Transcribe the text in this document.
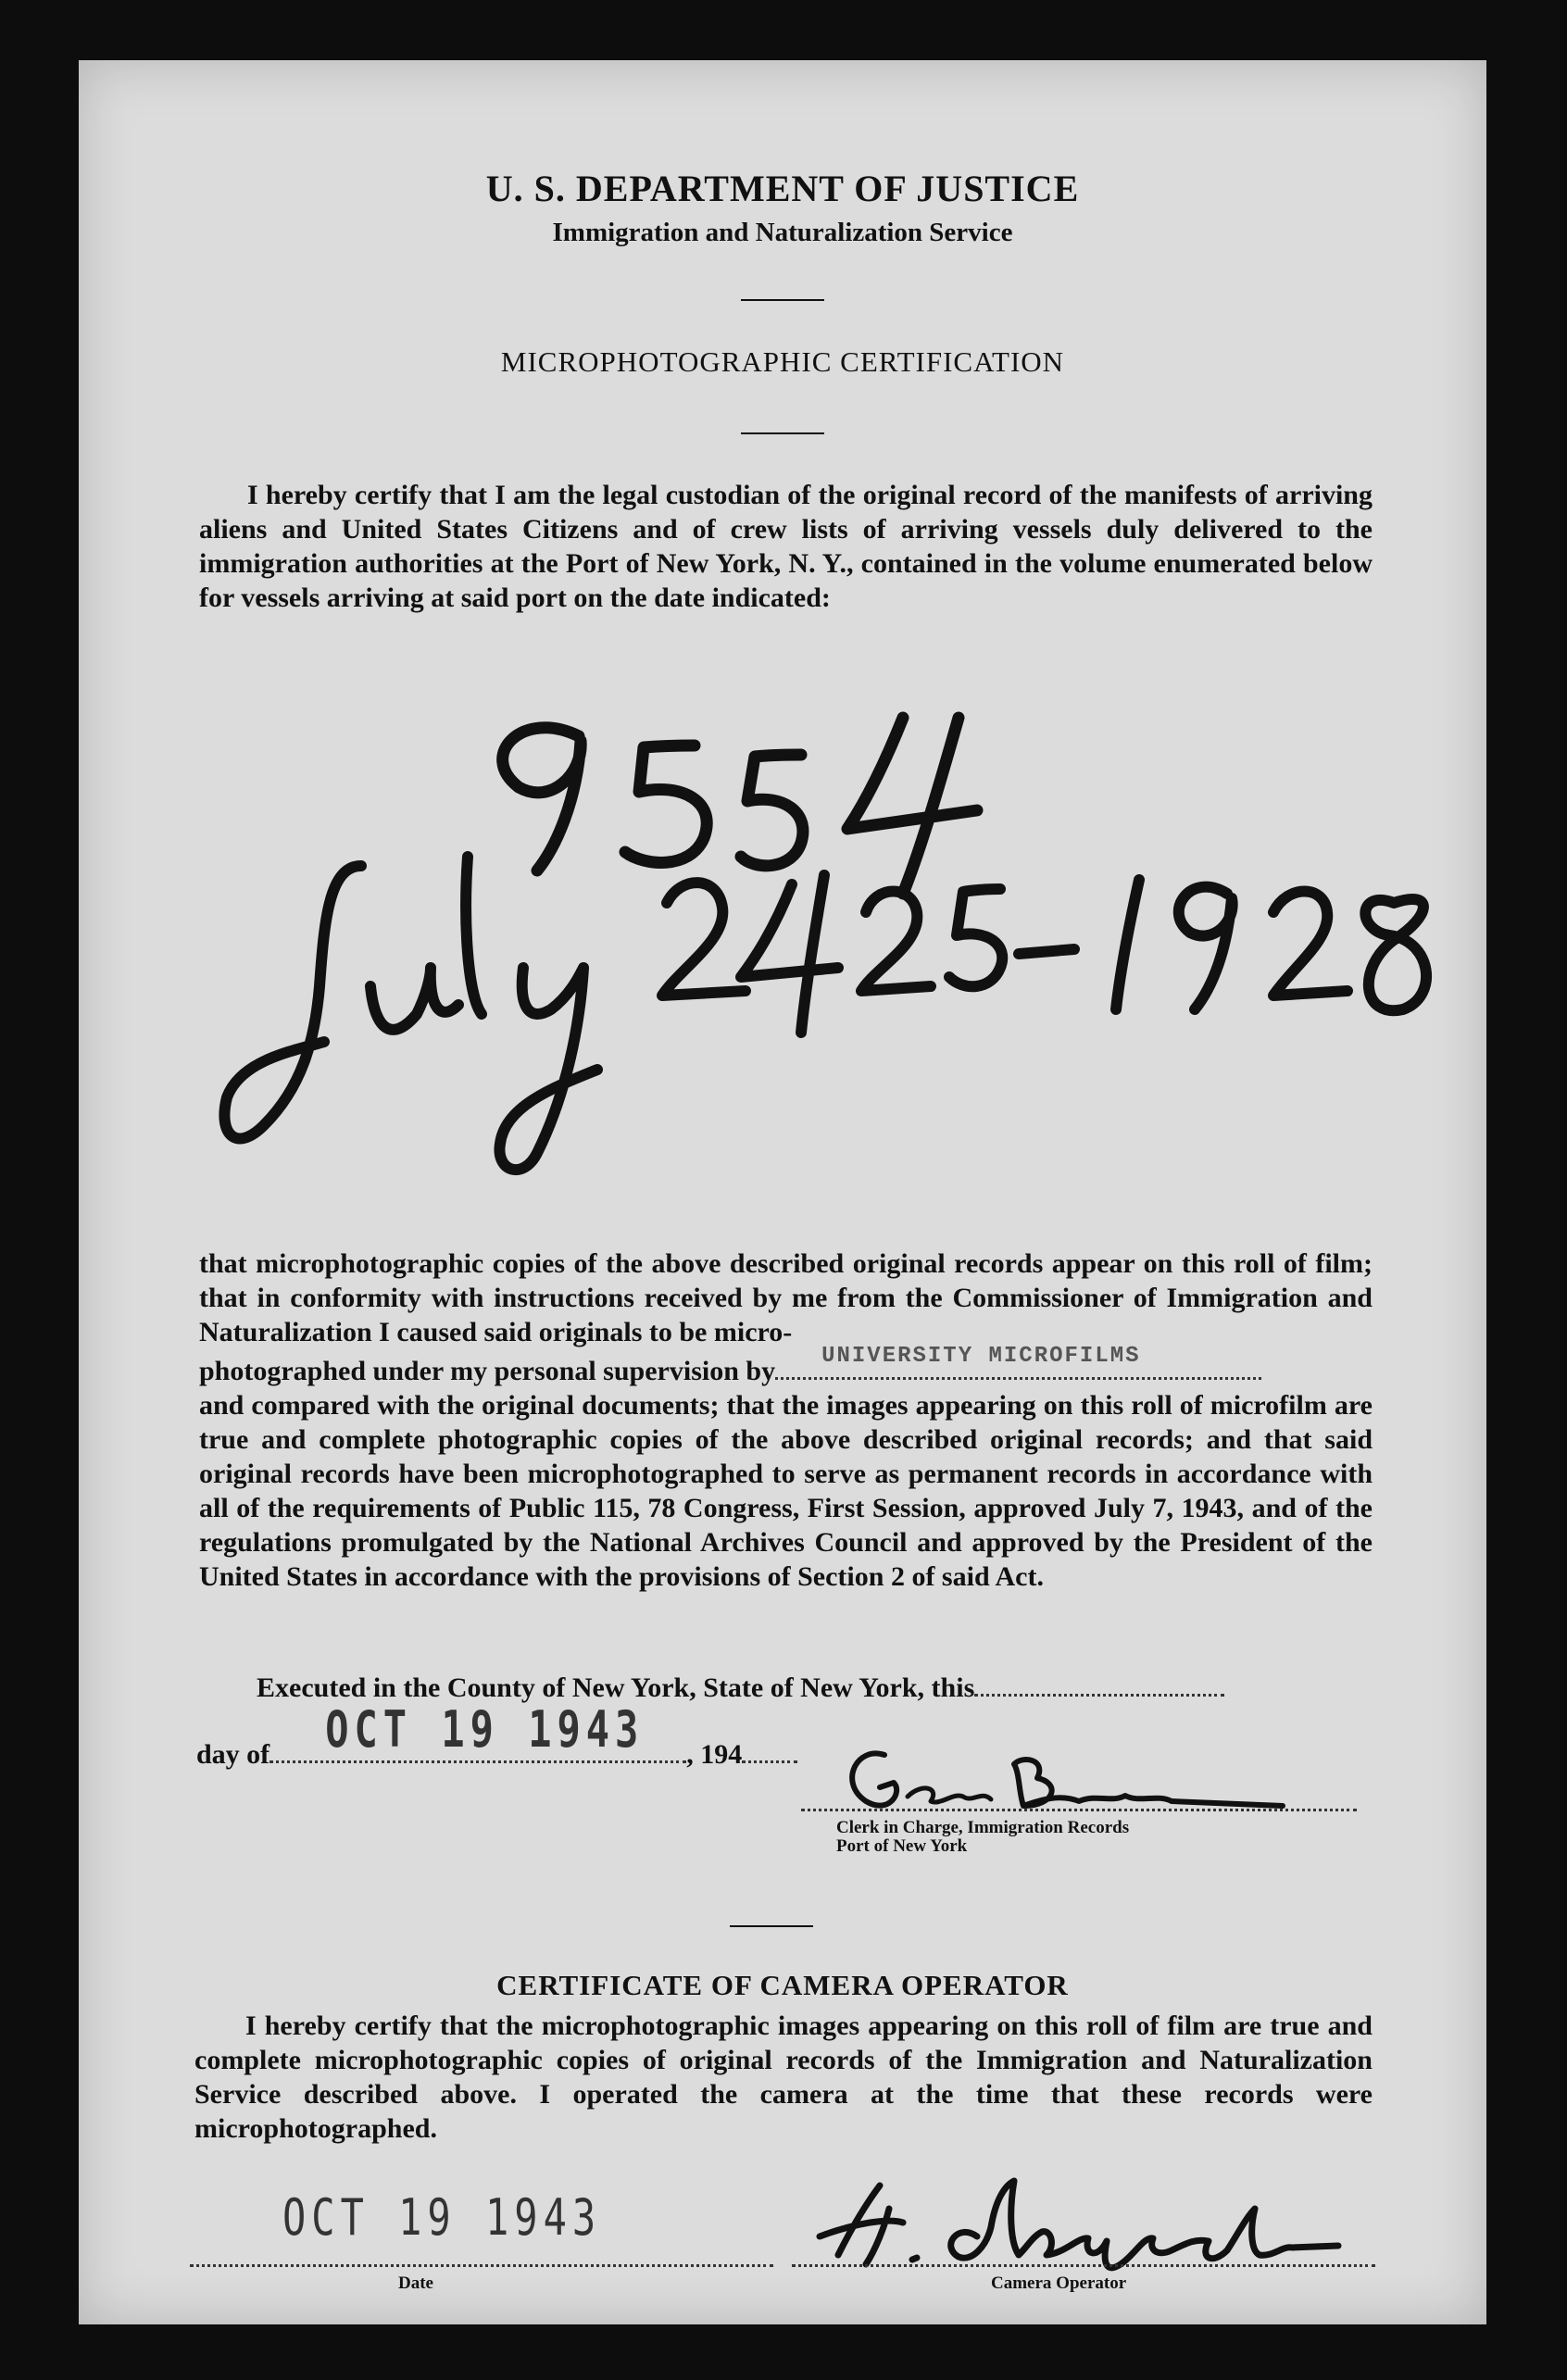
U. S. DEPARTMENT OF JUSTICE
Immigration and Naturalization Service
MICROPHOTOGRAPHIC CERTIFICATION

I hereby certify that I am the legal custodian of the original record of the manifests of arriving aliens and United States Citizens and of crew lists of arriving vessels duly delivered to the immigration authorities at the Port of New York, N. Y., contained in the volume enumerated below for vessels arriving at said port on the date indicated:

that microphotographic copies of the above described original records appear on this roll of film; that in conformity with instructions received by me from the Commissioner of Immigration and Naturalization I caused said originals to be micro-

photographed under my personal supervision by UNIVERSITY MICROFILMS

and compared with the original documents; that the images appearing on this roll of microfilm are true and complete photographic copies of the above described original records; and that said original records have been microphotographed to serve as permanent records in accordance with all of the requirements of Public 115, 78 Congress, First Session, approved July 7, 1943, and of the regulations promulgated by the National Archives Council and approved by the President of the United States in accordance with the provisions of Section 2 of said Act.

Executed in the County of New York, State of New York, this
day of OCT 19 1943 , 194
Clerk in Charge, Immigration Records
Port of New York
CERTIFICATE OF CAMERA OPERATOR

I hereby certify that the microphotographic images appearing on this roll of film are true and complete microphotographic copies of original records of the Immigration and Naturalization Service described above. I operated the camera at the time that these records were microphotographed.

OCT 19 1943
Date	Camera Operator
